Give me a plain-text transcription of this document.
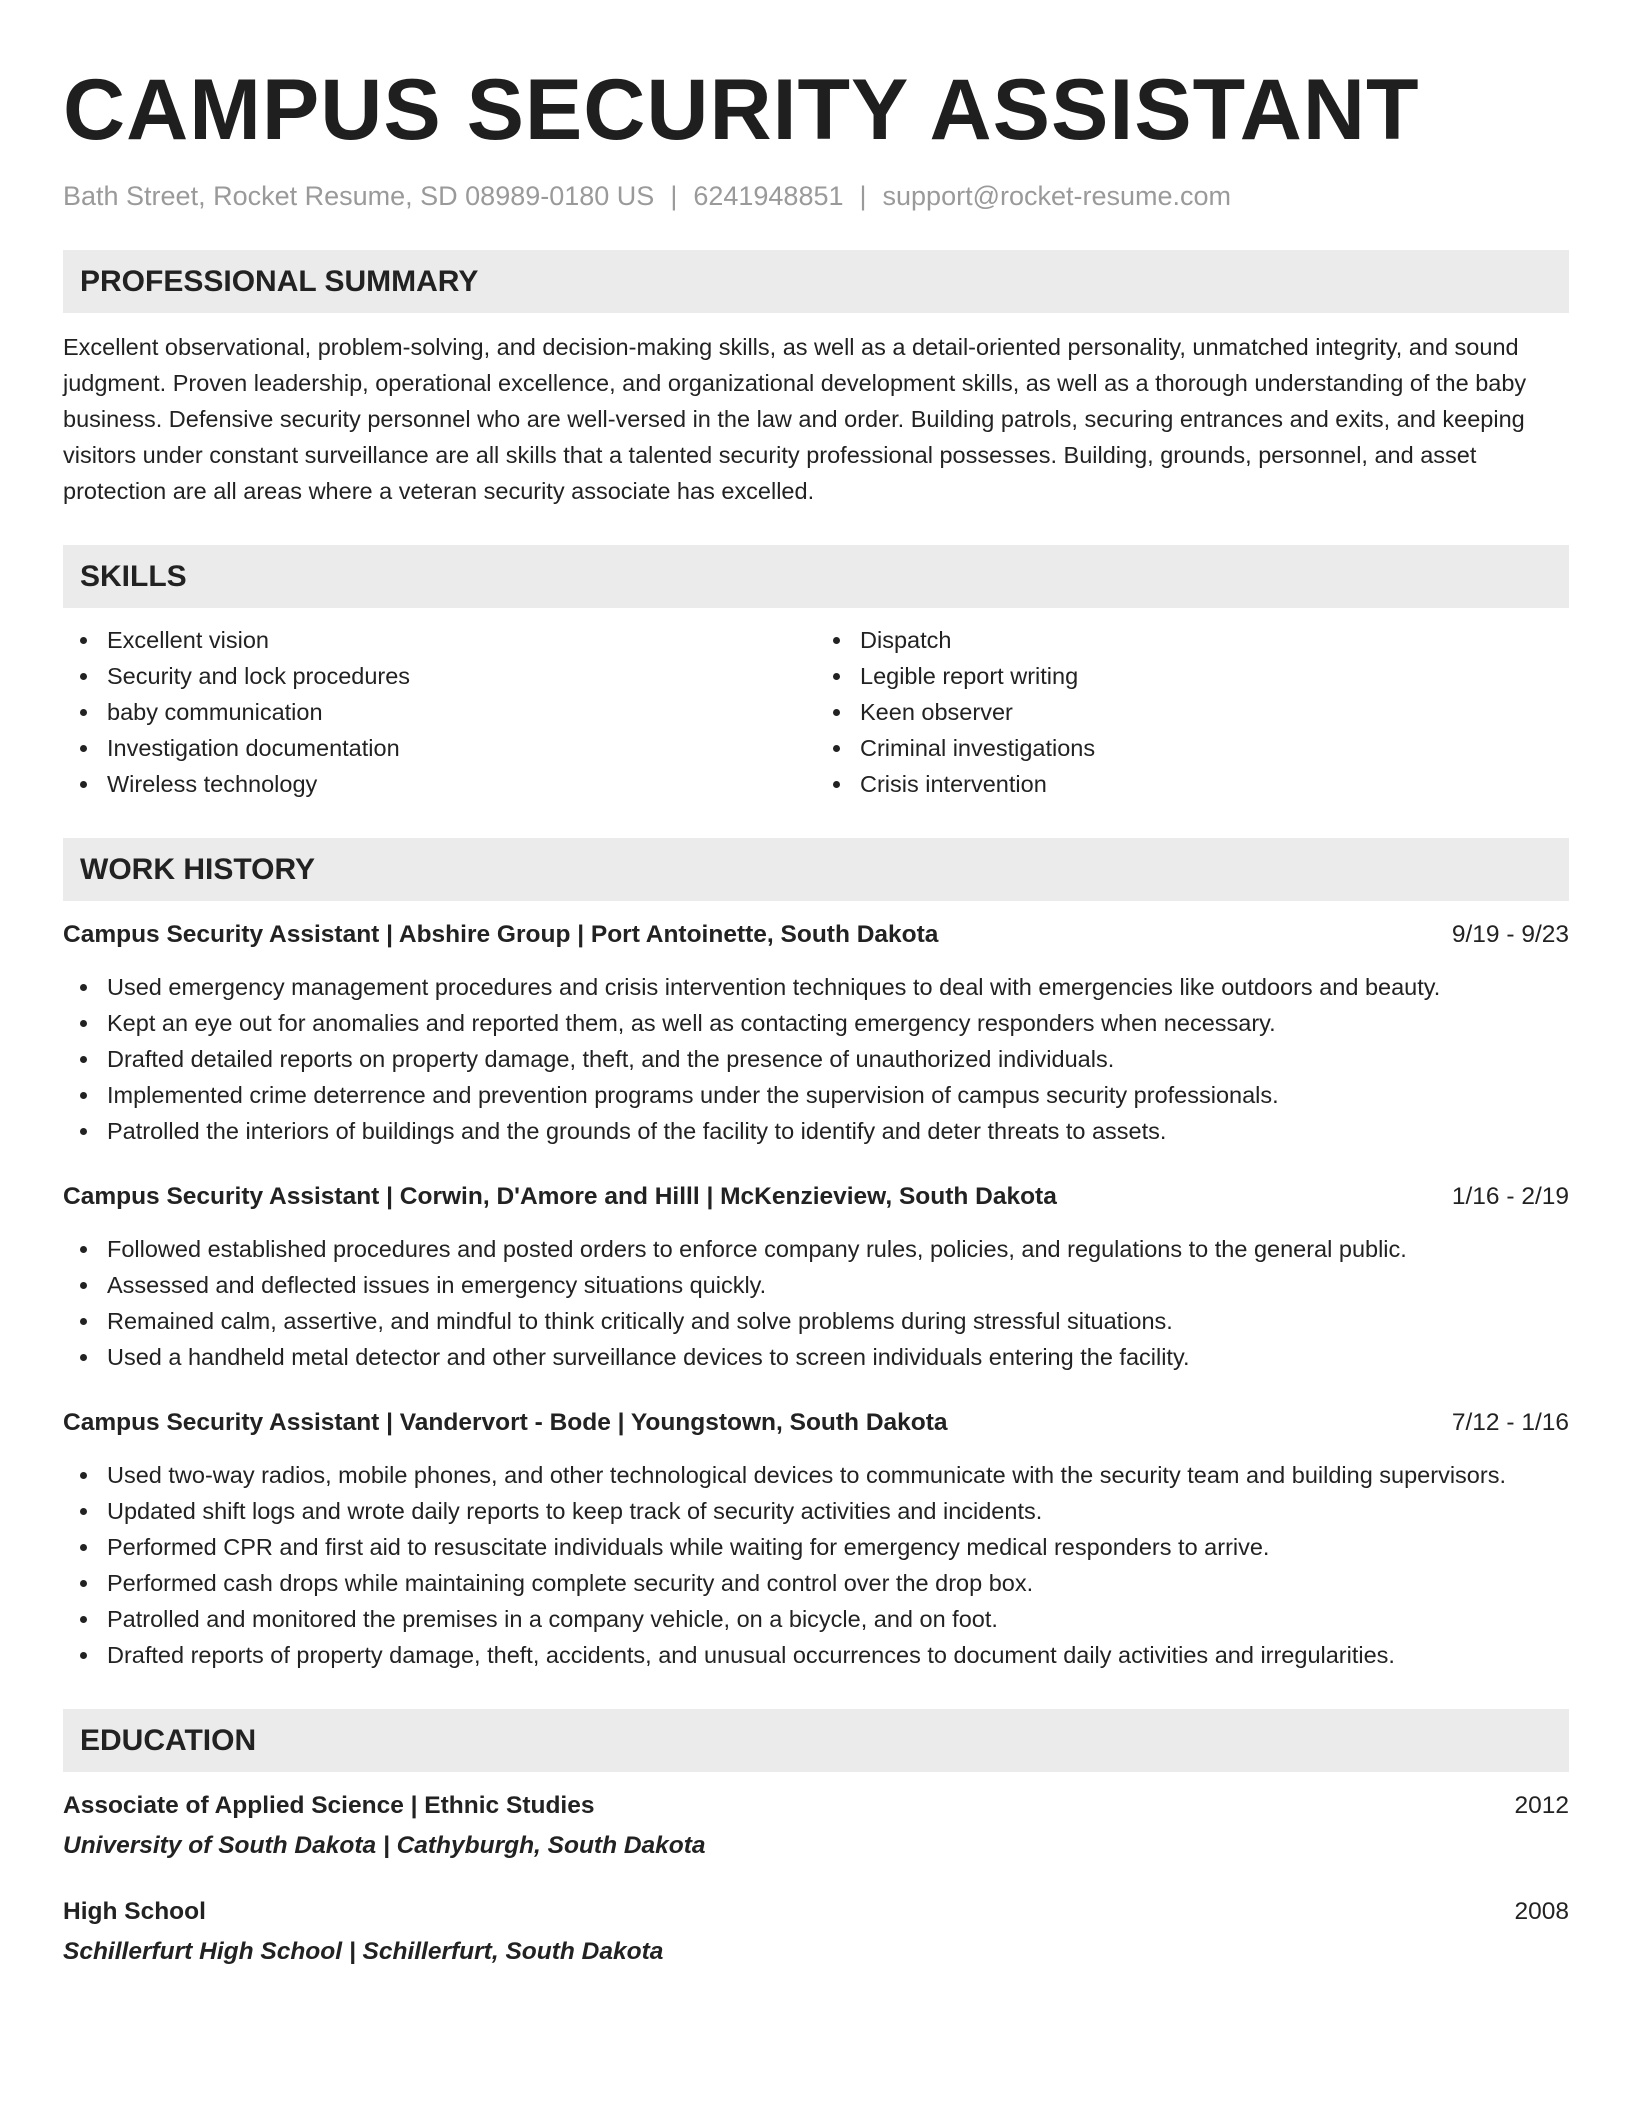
CAMPUS SECURITY ASSISTANT
Bath Street, Rocket Resume, SD 08989-0180 US | 6241948851 | support@rocket-resume.com
PROFESSIONAL SUMMARY
Excellent observational, problem-solving, and decision-making skills, as well as a detail-oriented personality, unmatched integrity, and sound judgment. Proven leadership, operational excellence, and organizational development skills, as well as a thorough understanding of the baby business. Defensive security personnel who are well-versed in the law and order. Building patrols, securing entrances and exits, and keeping visitors under constant surveillance are all skills that a talented security professional possesses. Building, grounds, personnel, and asset protection are all areas where a veteran security associate has excelled.
SKILLS
Excellent vision
Security and lock procedures
baby communication
Investigation documentation
Wireless technology
Dispatch
Legible report writing
Keen observer
Criminal investigations
Crisis intervention
WORK HISTORY
Campus Security Assistant | Abshire Group | Port Antoinette, South Dakota	9/19 - 9/23
Used emergency management procedures and crisis intervention techniques to deal with emergencies like outdoors and beauty.
Kept an eye out for anomalies and reported them, as well as contacting emergency responders when necessary.
Drafted detailed reports on property damage, theft, and the presence of unauthorized individuals.
Implemented crime deterrence and prevention programs under the supervision of campus security professionals.
Patrolled the interiors of buildings and the grounds of the facility to identify and deter threats to assets.
Campus Security Assistant | Corwin, D'Amore and Hilll | McKenzieview, South Dakota	1/16 - 2/19
Followed established procedures and posted orders to enforce company rules, policies, and regulations to the general public.
Assessed and deflected issues in emergency situations quickly.
Remained calm, assertive, and mindful to think critically and solve problems during stressful situations.
Used a handheld metal detector and other surveillance devices to screen individuals entering the facility.
Campus Security Assistant | Vandervort - Bode | Youngstown, South Dakota	7/12 - 1/16
Used two-way radios, mobile phones, and other technological devices to communicate with the security team and building supervisors.
Updated shift logs and wrote daily reports to keep track of security activities and incidents.
Performed CPR and first aid to resuscitate individuals while waiting for emergency medical responders to arrive.
Performed cash drops while maintaining complete security and control over the drop box.
Patrolled and monitored the premises in a company vehicle, on a bicycle, and on foot.
Drafted reports of property damage, theft, accidents, and unusual occurrences to document daily activities and irregularities.
EDUCATION
Associate of Applied Science | Ethnic Studies	2012
University of South Dakota | Cathyburgh, South Dakota
High School	2008
Schillerfurt High School | Schillerfurt, South Dakota
